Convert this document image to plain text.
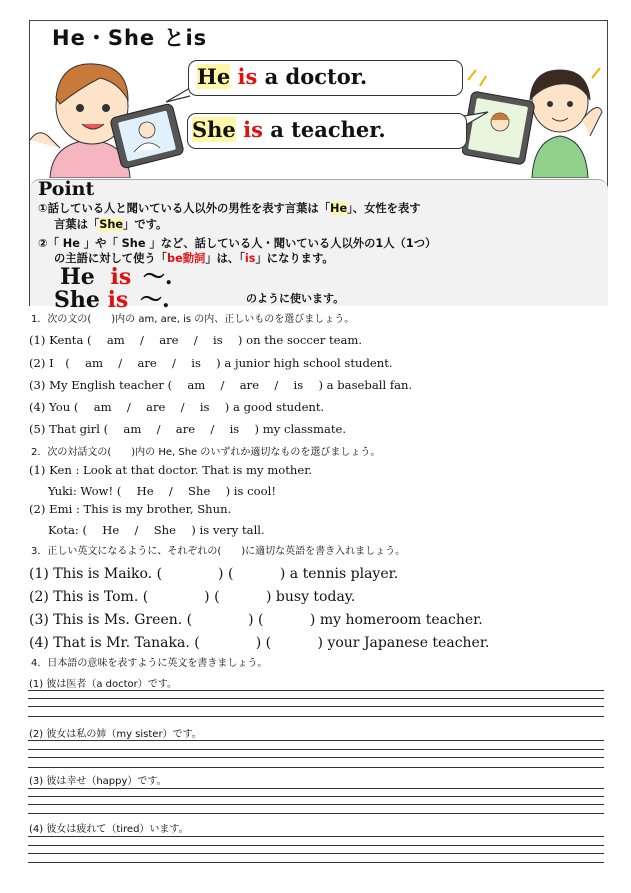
He・She とis
He is a doctor.
She is a teacher.
Point
①話している人と聞いている人以外の男性を表す言葉は「He」、女性を表す
言葉は「She」です。
②「 He 」や「 She 」など、話している人・聞いている人以外の1人（1つ）
の主語に対して使う「be動詞」は、「is」になります。
He is 〜.
She is 〜.	のように使います。
1．次の文の(　　)内の am, are, is の内、正しいものを選びましょう。
(1) Kenta (　 am　 /　 are　 /　 is　 ) on the soccer team.
(2) I　(　 am　 /　 are　 /　 is　 ) a junior high school student.
(3) My English teacher (　 am　 /　 are　 /　 is　 ) a baseball fan.
(4) You (　 am　 /　 are　 /　 is　 ) a good student.
(5) That girl (　 am　 /　 are　 /　 is　 ) my classmate.
2．次の対話文の(　　)内の He, She のいずれか適切なものを選びましょう。
(1) Ken : Look at that doctor. That is my mother.
Yuki: Wow! (　 He　 /　 She　 ) is cool!
(2) Emi : This is my brother, Shun.
Kota: (　 He　 /　 She　 ) is very tall.
3．正しい英文になるように、それぞれの(　　)に適切な英語を書き入れましょう。
(1) This is Maiko. (　　　　) (　　　 ) a tennis player.
(2) This is Tom. (　　　　) (　　　 ) busy today.
(3) This is Ms. Green. (　　　　) (　　　 ) my homeroom teacher.
(4) That is Mr. Tanaka. (　　　　) (　　　 ) your Japanese teacher.
4．日本語の意味を表すように英文を書きましょう。
(1) 彼は医者（a doctor）です。
(2) 彼女は私の姉（my sister）です。
(3) 彼は幸せ（happy）です。
(4) 彼女は疲れて（tired）います。
